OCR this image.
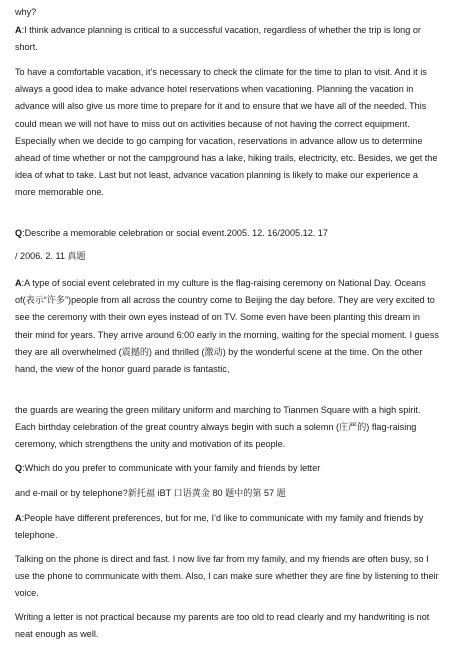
why?

A:I think advance planning is critical to a successful vacation, regardless of whether the trip is long or short.

To have a comfortable vacation, it’s necessary to check the climate for the time to plan to visit. And it is always a good idea to make advance hotel reservations when vacationing. Planning the vacation in advance will also give us more time to prepare for it and to ensure that we have all of the needed. This could mean we will not have to miss out on activities because of not having the correct equipment. Especially when we decide to go camping for vacation, reservations in advance allow us to determine ahead of time whether or not the campground has a lake, hiking trails, electricity, etc. Besides, we get the idea of what to take. Last but not least, advance vacation planning is likely to make our experience a more memorable one.

Q:Describe a memorable celebration or social event.2005. 12. 16/2005.12. 17

/ 2006. 2. 11 真题

A:A type of social event celebrated in my culture is the flag-raising ceremony on National Day. Oceans of(表示“许多”)people from all across the country come to Beijing the day before. They are very excited to see the ceremony with their own eyes instead of on TV. Some even have been planting this dream in their mind for years. They arrive around 6:00 early in the morning, waiting for the special moment. I guess they are all overwhelmed (震撼的) and thrilled (激动) by the wonderful scene at the time. On the other hand, the view of the honor guard parade is fantastic,

the guards are wearing the green military uniform and marching to Tianmen Square with a high spirit. Each birthday celebration of the great country always begin with such a solemn (庄严的) flag-raising ceremony, which strengthens the unity and motivation of its people.

Q:Which do you prefer to communicate with your family and friends by letter

and e-mail or by telephone?新托福 iBT 口语黄金 80 题中的第 57 题

A:People have different preferences, but for me, I’d like to communicate with my family and friends by telephone.

Talking on the phone is direct and fast. I now live far from my family, and my friends are often busy, so I use the phone to communicate with them. Also, I can make sure whether they are fine by listening to their voice.

Writing a letter is not practical because my parents are too old to read clearly and my handwriting is not neat enough as well.
